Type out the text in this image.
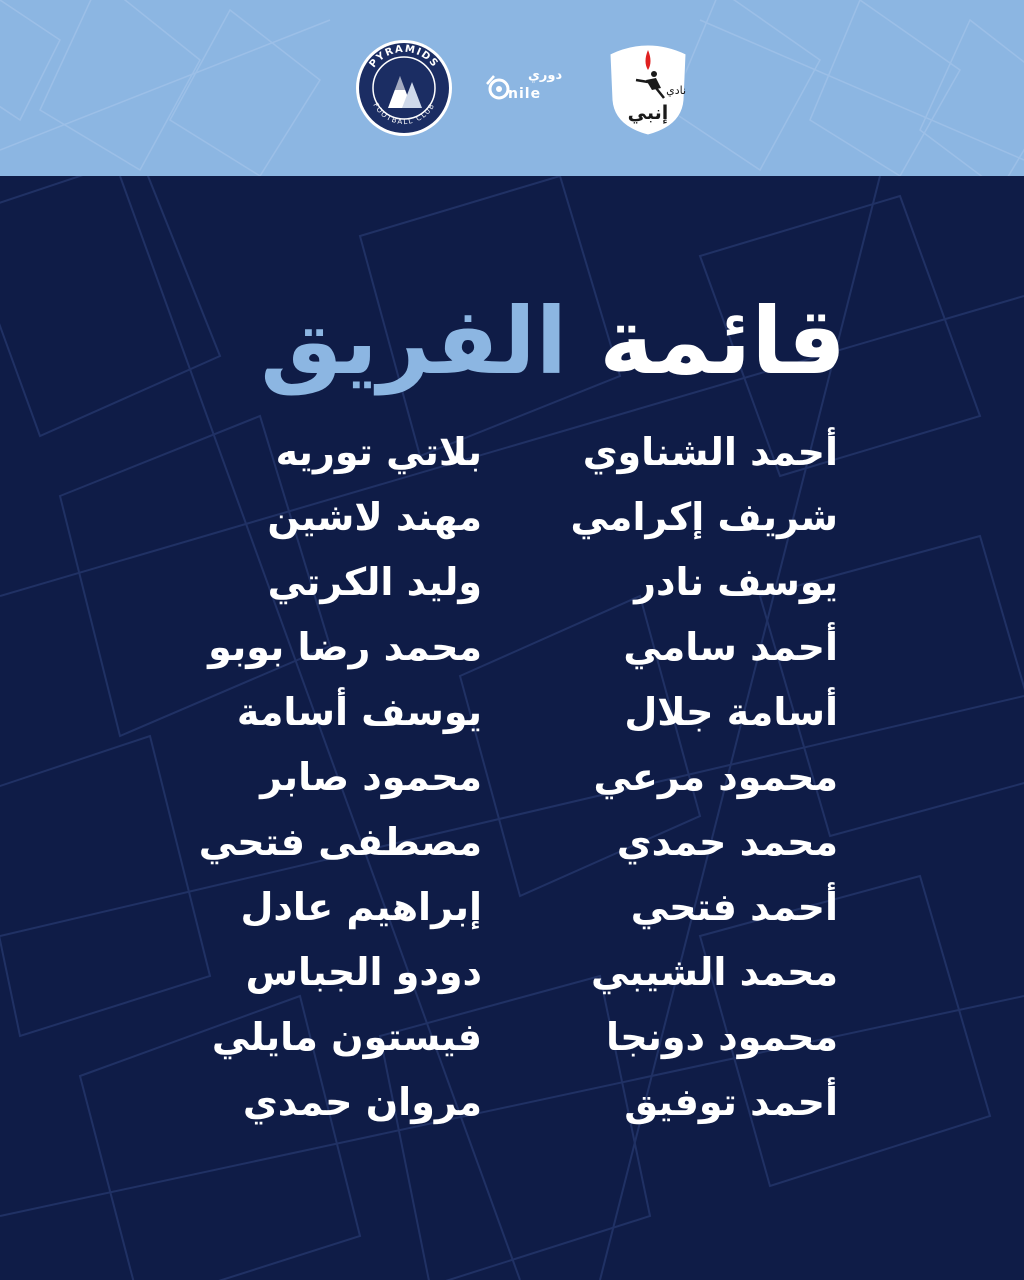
PYRAMIDS
FOOTBALL CLUB
دوري
nile	نادي
إنبي
قائمة الفريق
أحمد الشناوي
شريف إكرامي
يوسف نادر
أحمد سامي
أسامة جلال
محمود مرعي
محمد حمدي
أحمد فتحي
محمد الشيبي
محمود دونجا
أحمد توفيق
بلاتي توريه
مهند لاشين
وليد الكرتي
محمد رضا بوبو
يوسف أسامة
محمود صابر
مصطفى فتحي
إبراهيم عادل
دودو الجباس
فيستون مايلي
مروان حمدي
